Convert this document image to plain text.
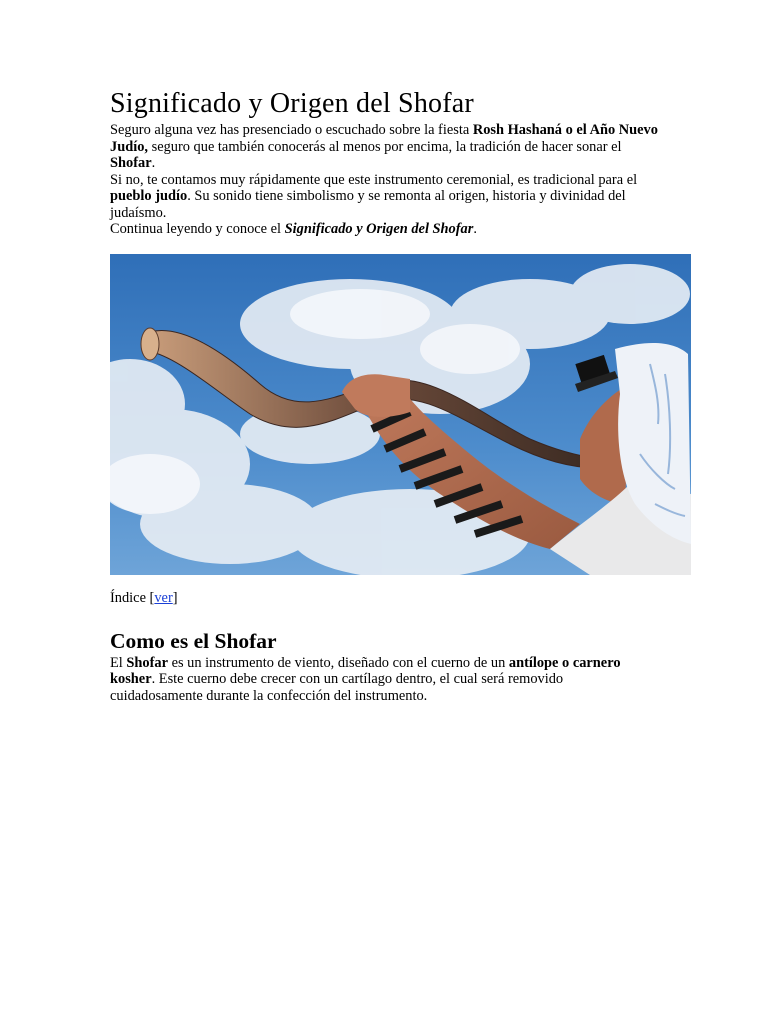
Significado y Origen del Shofar

Seguro alguna vez has presenciado o escuchado sobre la fiesta Rosh Hashaná o el Año Nuevo Judío, seguro que también conocerás al menos por encima, la tradición de hacer sonar el Shofar.

Si no, te contamos muy rápidamente que este instrumento ceremonial, es tradicional para el pueblo judío. Su sonido tiene simbolismo y se remonta al origen, historia y divinidad del judaísmo.

Continua leyendo y conoce el Significado y Origen del Shofar.

Índice [ver]
Como es el Shofar

El Shofar es un instrumento de viento, diseñado con el cuerno de un antílope o carnero kosher. Este cuerno debe crecer con un cartílago dentro, el cual será removido cuidadosamente durante la confección del instrumento.
